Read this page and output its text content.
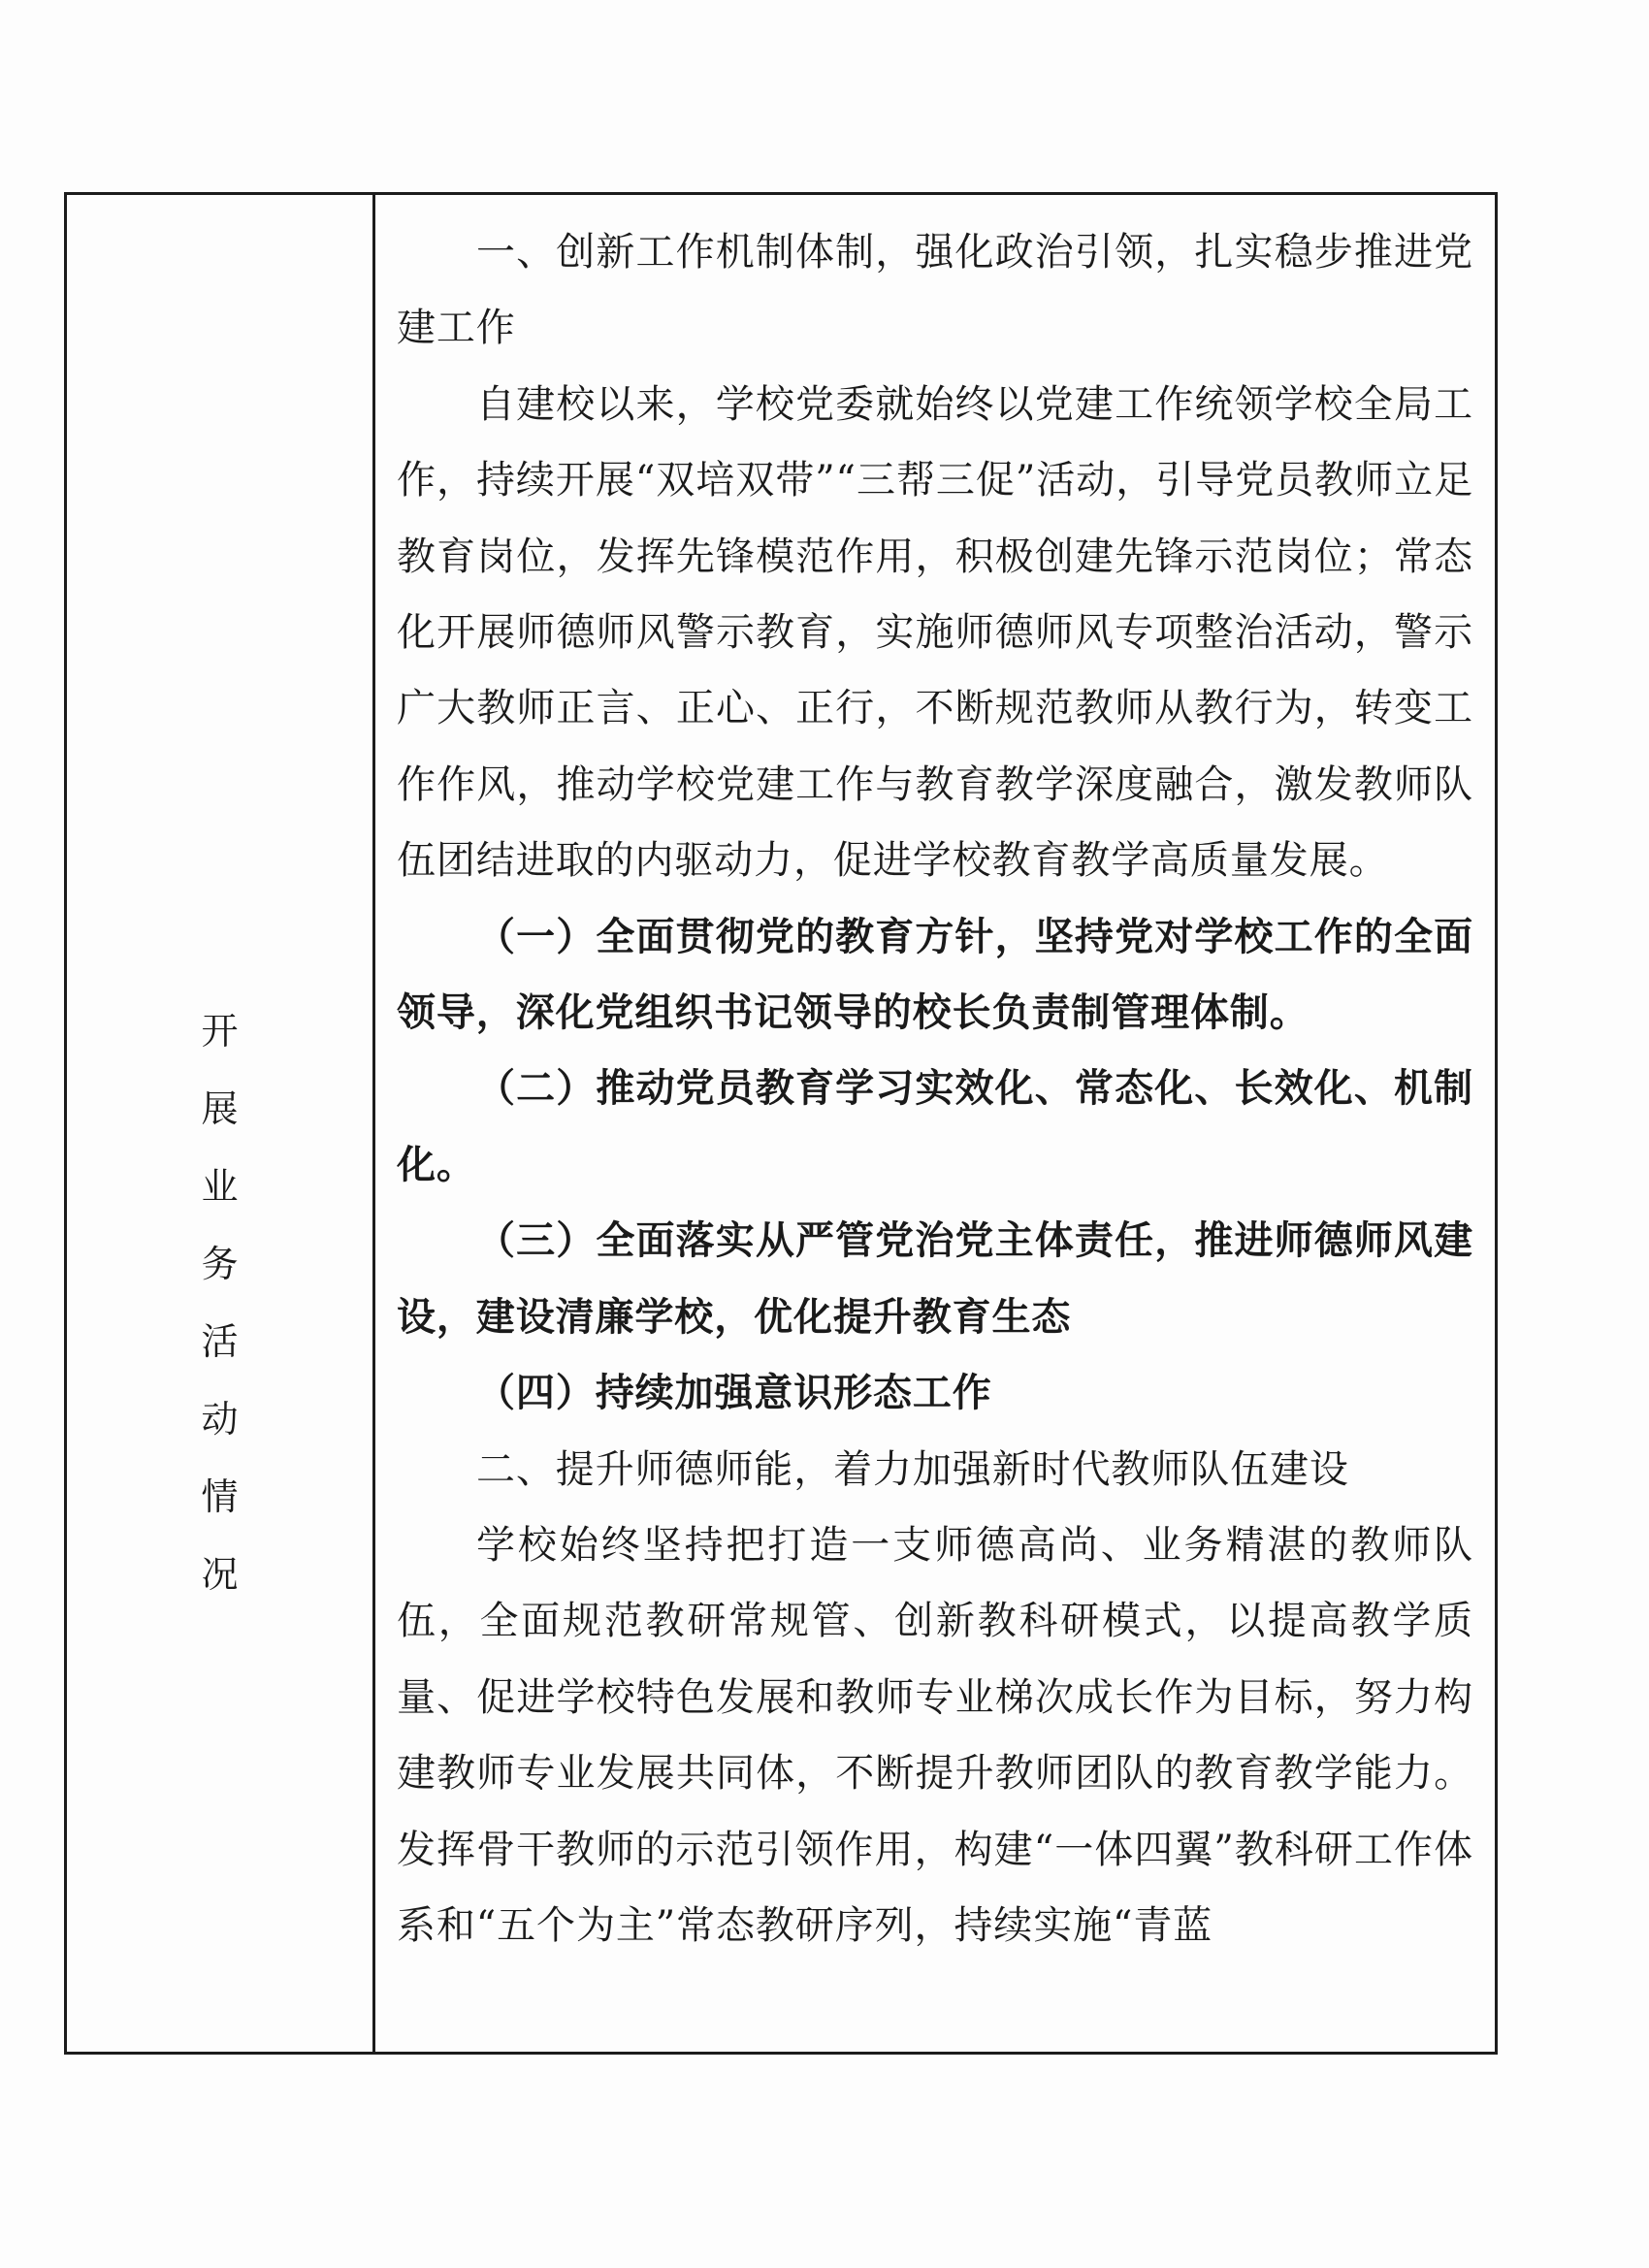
开
展
业
务
活
动
情
况

一、创新工作机制体制，强化政治引领，扎实稳步推进党建工作

自建校以来，学校党委就始终以党建工作统领学校全局工作，持续开展“双培双带”“三帮三促”活动，引导党员教师立足教育岗位，发挥先锋模范作用，积极创建先锋示范岗位；常态化开展师德师风警示教育，实施师德师风专项整治活动，警示广大教师正言、正心、正行，不断规范教师从教行为，转变工作作风，推动学校党建工作与教育教学深度融合，激发教师队伍团结进取的内驱动力，促进学校教育教学高质量发展。

（一）全面贯彻党的教育方针，坚持党对学校工作的全面领导，深化党组织书记领导的校长负责制管理体制。

（二）推动党员教育学习实效化、常态化、长效化、机制化。

（三）全面落实从严管党治党主体责任，推进师德师风建设，建设清廉学校，优化提升教育生态

（四）持续加强意识形态工作

二、提升师德师能，着力加强新时代教师队伍建设

学校始终坚持把打造一支师德高尚、业务精湛的教师队伍，全面规范教研常规管、创新教科研模式，以提高教学质量、促进学校特色发展和教师专业梯次成长作为目标，努力构建教师专业发展共同体，不断提升教师团队的教育教学能力。发挥骨干教师的示范引领作用，构建“一体四翼”教科研工作体系和“五个为主”常态教研序列，持续实施“青蓝
